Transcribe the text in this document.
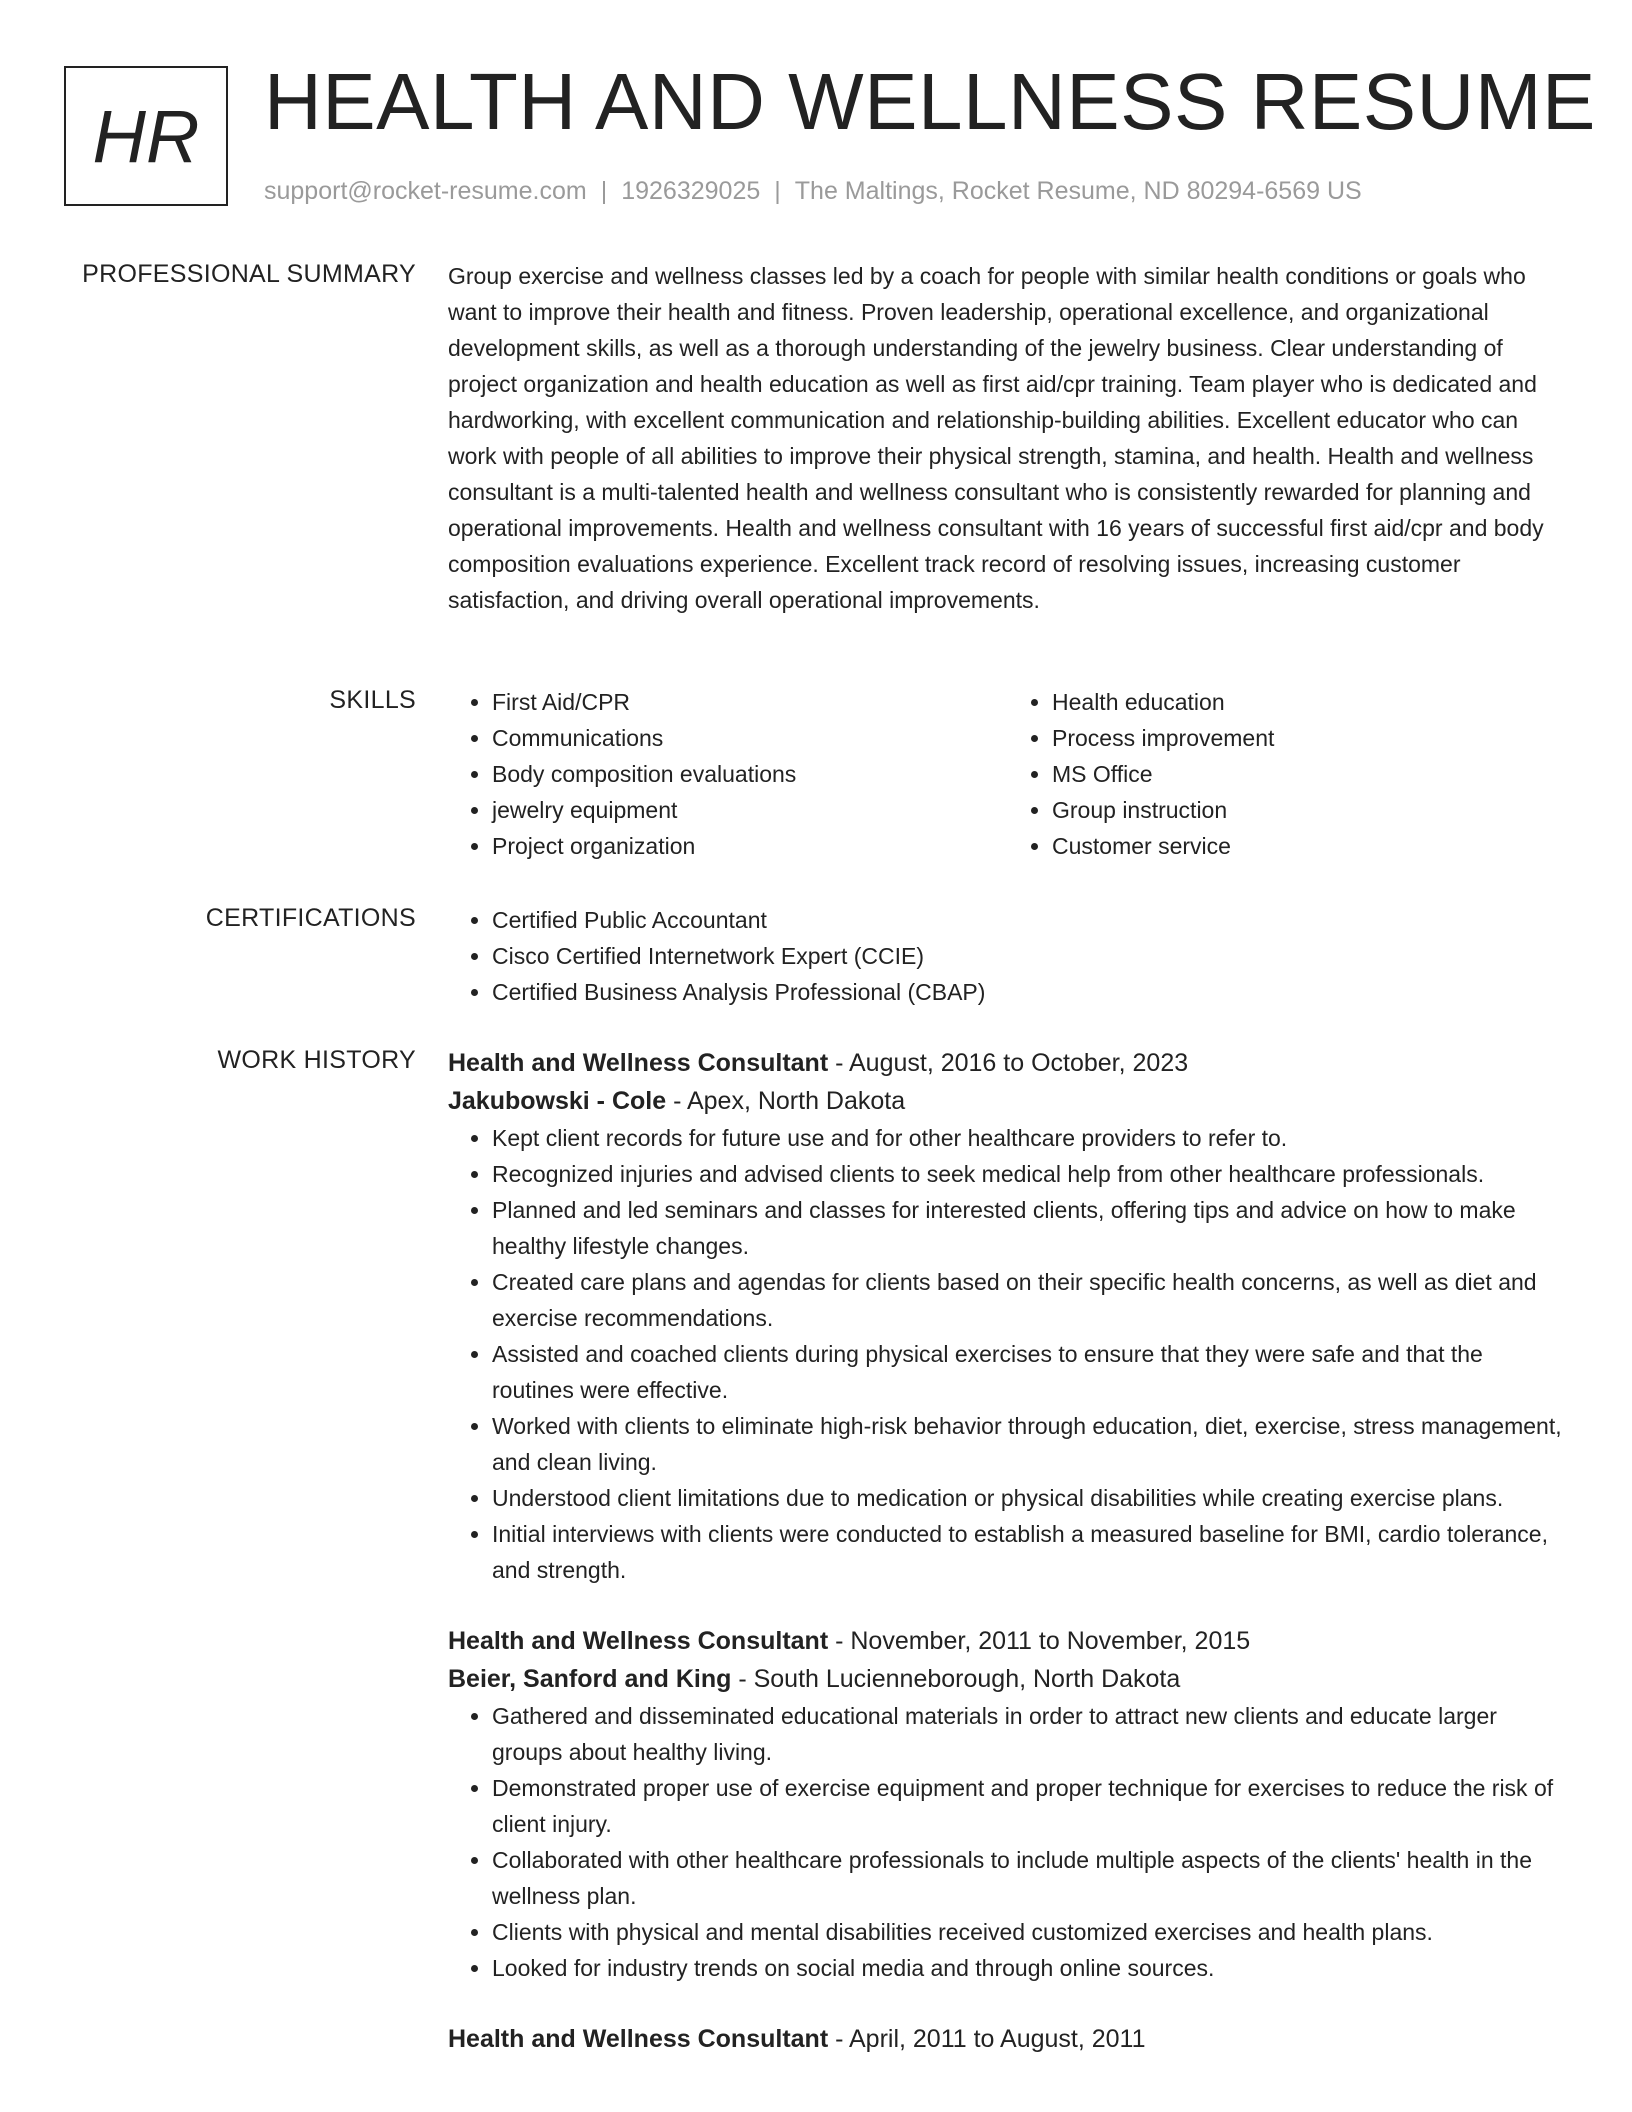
HR HEALTH AND WELLNESS RESUME
support@rocket-resume.com | 1926329025 | The Maltings, Rocket Resume, ND 80294-6569 US
PROFESSIONAL SUMMARY Group exercise and wellness classes led by a coach for people with similar health conditions or goals who want to improve their health and fitness. Proven leadership, operational excellence, and organizational development skills, as well as a thorough understanding of the jewelry business. Clear understanding of project organization and health education as well as first aid/cpr training. Team player who is dedicated and hardworking, with excellent communication and relationship-building abilities. Excellent educator who can work with people of all abilities to improve their physical strength, stamina, and health. Health and wellness consultant is a multi-talented health and wellness consultant who is consistently rewarded for planning and operational improvements. Health and wellness consultant with 16 years of successful first aid/cpr and body composition evaluations experience. Excellent track record of resolving issues, increasing customer satisfaction, and driving overall operational improvements.

SKILLS	• First Aid/CPR
• Communications
• Body composition evaluations
• jewelry equipment
• Project organization
• Health education
• Process improvement
• MS Office
• Group instruction
• Customer service
CERTIFICATIONS	• Certified Public Accountant
• Cisco Certified Internetwork Expert (CCIE)
• Certified Business Analysis Professional (CBAP)
WORK HISTORY Health and Wellness Consultant - August, 2016 to October, 2023
Jakubowski - Cole - Apex, North Dakota
• Kept client records for future use and for other healthcare providers to refer to.
• Recognized injuries and advised clients to seek medical help from other healthcare professionals.
• Planned and led seminars and classes for interested clients, offering tips and advice on how to make healthy lifestyle changes.
• Created care plans and agendas for clients based on their specific health concerns, as well as diet and exercise recommendations.
• Assisted and coached clients during physical exercises to ensure that they were safe and that the routines were effective.
• Worked with clients to eliminate high-risk behavior through education, diet, exercise, stress management, and clean living.
• Understood client limitations due to medication or physical disabilities while creating exercise plans.
• Initial interviews with clients were conducted to establish a measured baseline for BMI, cardio tolerance, and strength.
Health and Wellness Consultant - November, 2011 to November, 2015
Beier, Sanford and King - South Lucienneborough, North Dakota
• Gathered and disseminated educational materials in order to attract new clients and educate larger groups about healthy living.
• Demonstrated proper use of exercise equipment and proper technique for exercises to reduce the risk of client injury.
• Collaborated with other healthcare professionals to include multiple aspects of the clients' health in the wellness plan.
• Clients with physical and mental disabilities received customized exercises and health plans.
• Looked for industry trends on social media and through online sources.
Health and Wellness Consultant - April, 2011 to August, 2011
